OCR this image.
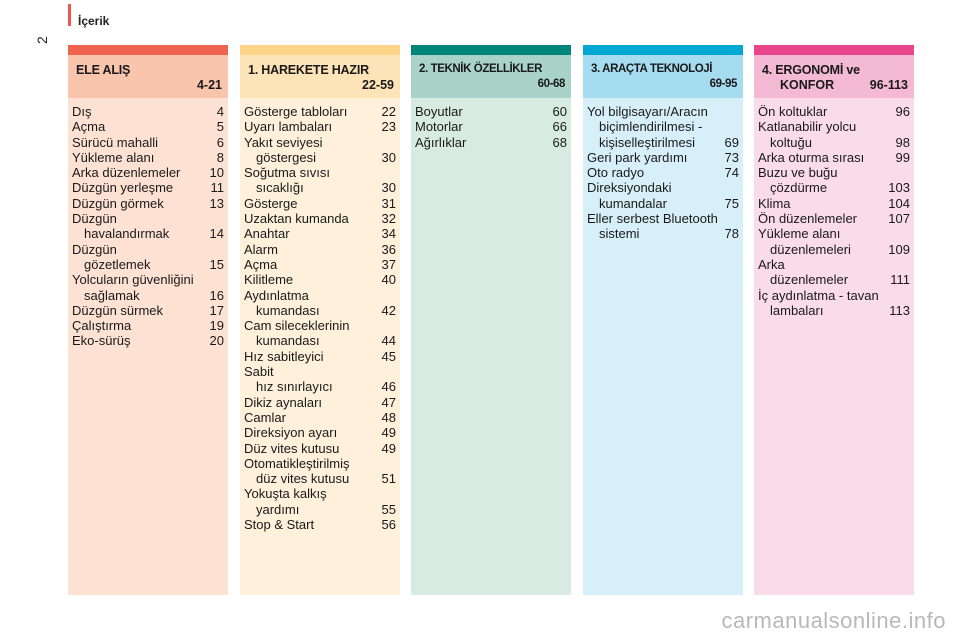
İçerik
2
ELE ALIŞ
4-21
Dış	4
Açma	5
Sürücü mahalli	6
Yükleme alanı	8
Arka düzenlemeler 10
Düzgün yerleşme	11
Düzgün görmek	13
Düzgün
havalandırmak	14
Düzgün
gözetlemek	15
Yolcuların güvenliğini
sağlamak	16
Düzgün sürmek	17
Çalıştırma	19
Eko-sürüş	20
1. HAREKETE HAZIR
22-59
Gösterge tabloları	22
Uyarı lambaları	23
Yakıt seviyesi
göstergesi	30
Soğutma sıvısı
sıcaklığı	30
Gösterge	31
Uzaktan kumanda	32
Anahtar	34
Alarm	36
Açma	37
Kilitleme	40
Aydınlatma
kumandası	42
Cam sileceklerinin
kumandası	44
Hız sabitleyici	45
Sabit
hız sınırlayıcı	46
Dikiz aynaları	47
Camlar	48
Direksiyon ayarı	49
Düz vites kutusu	49
Otomatikleştirilmiş
düz vites kutusu 51
Yokuşta kalkış
yardımı	55
Stop & Start	56
2. TEKNİK ÖZELLİKLER
60-68
Boyutlar	60
Motorlar	66
Ağırlıklar	68
3. ARAÇTA TEKNOLOJİ
69-95
Yol bilgisayarı/Aracın
biçimlendirilmesi -
kişiselleştirilmesi	69
Geri park yardımı	73
Oto radyo	74
Direksiyondaki
kumandalar	75
Eller serbest Bluetooth
sistemi	78
4. ERGONOMİ ve
KONFOR	96-113
Ön koltuklar	96
Katlanabilir yolcu
koltuğu	98
Arka oturma sırası 99
Buzu ve buğu
çözdürme	103
Klima	104
Ön düzenlemeler 107
Yükleme alanı
düzenlemeleri	109
Arka
düzenlemeler	111
İç aydınlatma - tavan
lambaları	113
carmanualsonline.info
